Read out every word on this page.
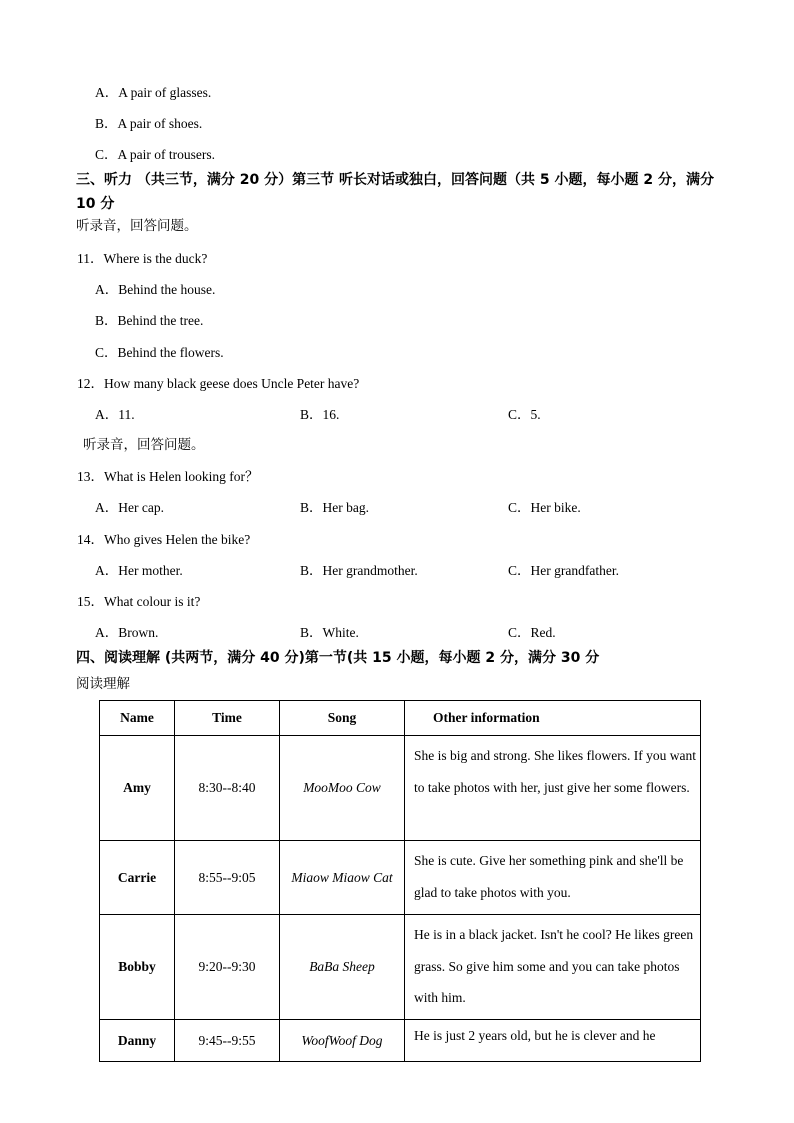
A．A pair of glasses.
B．A pair of shoes.
C．A pair of trousers.
三、听力 （共三节，满分 20 分）第三节 听长对话或独白，回答问题（共 5 小题，每小题 2 分，满分 10 分
听录音，回答问题。
11．Where is the duck?
A．Behind the house.
B．Behind the tree.
C．Behind the flowers.
12．How many black geese does Uncle Peter have?
A．11.	B．16.	C．5.
听录音，回答问题。
13．What is Helen looking for？
A．Her cap.	B．Her bag.	C．Her bike.
14．Who gives Helen the bike?
A．Her mother.	B．Her grandmother.	C．Her grandfather.
15．What colour is it?
A．Brown.	B．White.	C．Red.
四、阅读理解 (共两节，满分 40 分)第一节(共 15 小题，每小题 2 分，满分 30 分
阅读理解
Name	Time	Song	Other information
Amy	8:30--8:40	MooMoo Cow	She is big and strong. She likes flowers. If you want to take photos with her, just give her some flowers.
Carrie	8:55--9:05	Miaow Miaow Cat	She is cute. Give her something pink and she'll be glad to take photos with you.
Bobby	9:20--9:30	BaBa Sheep	He is in a black jacket. Isn't he cool? He likes green grass. So give him some and you can take photos with him.
Danny	9:45--9:55	WoofWoof Dog	He is just 2 years old, but he is clever and he
